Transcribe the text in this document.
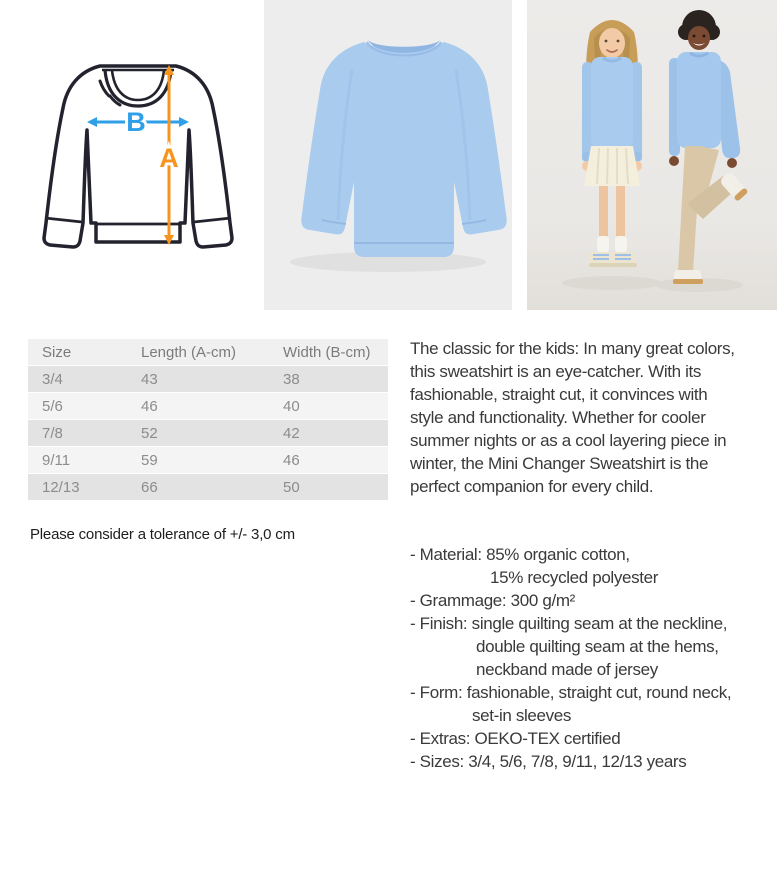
B
A
Size	Length (A-cm)	Width (B-cm)
3/4	43	38
5/6	46	40
7/8	52	42
9/11	59	46
12/13	66	50
Please consider a tolerance of +/- 3,0 cm
The classic for the kids: In many great colors,
this sweatshirt is an eye-catcher. With its
fashionable, straight cut, it convinces with
style and functionality. Whether for cooler
summer nights or as a cool layering piece in
winter, the Mini Changer Sweatshirt is the
perfect companion for every child.
- Material: 85% organic cotton,
15% recycled polyester
- Grammage: 300 g/m²
- Finish: single quilting seam at the neckline,
double quilting seam at the hems,
neckband made of jersey
- Form: fashionable, straight cut, round neck,
set-in sleeves
- Extras: OEKO-TEX certified
- Sizes: 3/4, 5/6, 7/8, 9/11, 12/13 years
